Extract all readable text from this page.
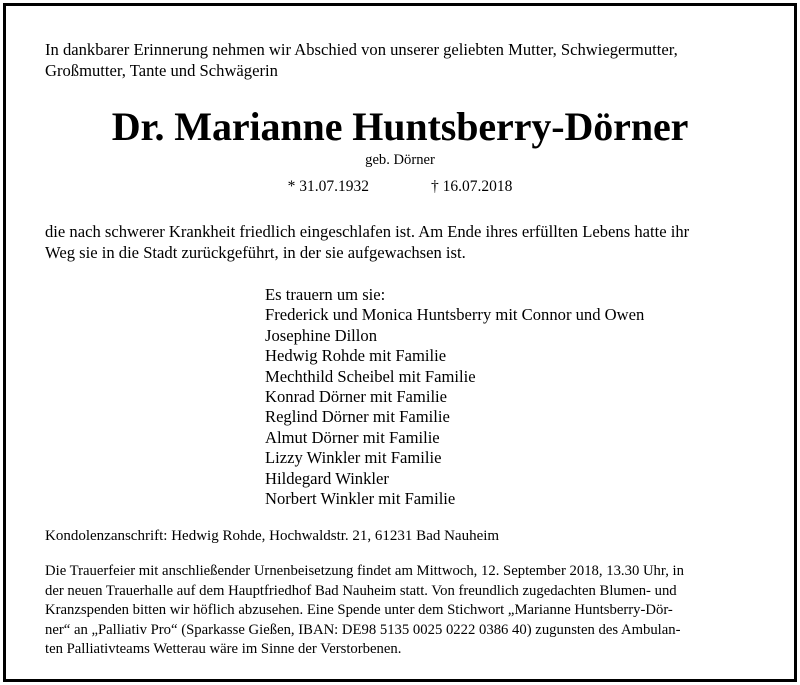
In dankbarer Erinnerung nehmen wir Abschied von unserer geliebten Mutter, Schwiegermutter,
Großmutter, Tante und Schwägerin
Dr. Marianne Huntsberry-Dörner
geb. Dörner
* 31.07.1932	† 16.07.2018
die nach schwerer Krankheit friedlich eingeschlafen ist. Am Ende ihres erfüllten Lebens hatte ihr
Weg sie in die Stadt zurückgeführt, in der sie aufgewachsen ist.
Es trauern um sie:
Frederick und Monica Huntsberry mit Connor und Owen
Josephine Dillon
Hedwig Rohde mit Familie
Mechthild Scheibel mit Familie
Konrad Dörner mit Familie
Reglind Dörner mit Familie
Almut Dörner mit Familie
Lizzy Winkler mit Familie
Hildegard Winkler
Norbert Winkler mit Familie
Kondolenzanschrift: Hedwig Rohde, Hochwaldstr. 21, 61231 Bad Nauheim
Die Trauerfeier mit anschließender Urnenbeisetzung findet am Mittwoch, 12. September 2018, 13.30 Uhr, in
der neuen Trauerhalle auf dem Hauptfriedhof Bad Nauheim statt. Von freundlich zugedachten Blumen- und
Kranzspenden bitten wir höflich abzusehen. Eine Spende unter dem Stichwort „Marianne Huntsberry-Dör-
ner“ an „Palliativ Pro“ (Sparkasse Gießen, IBAN: DE98 5135 0025 0222 0386 40) zugunsten des Ambulan-
ten Palliativteams Wetterau wäre im Sinne der Verstorbenen.
